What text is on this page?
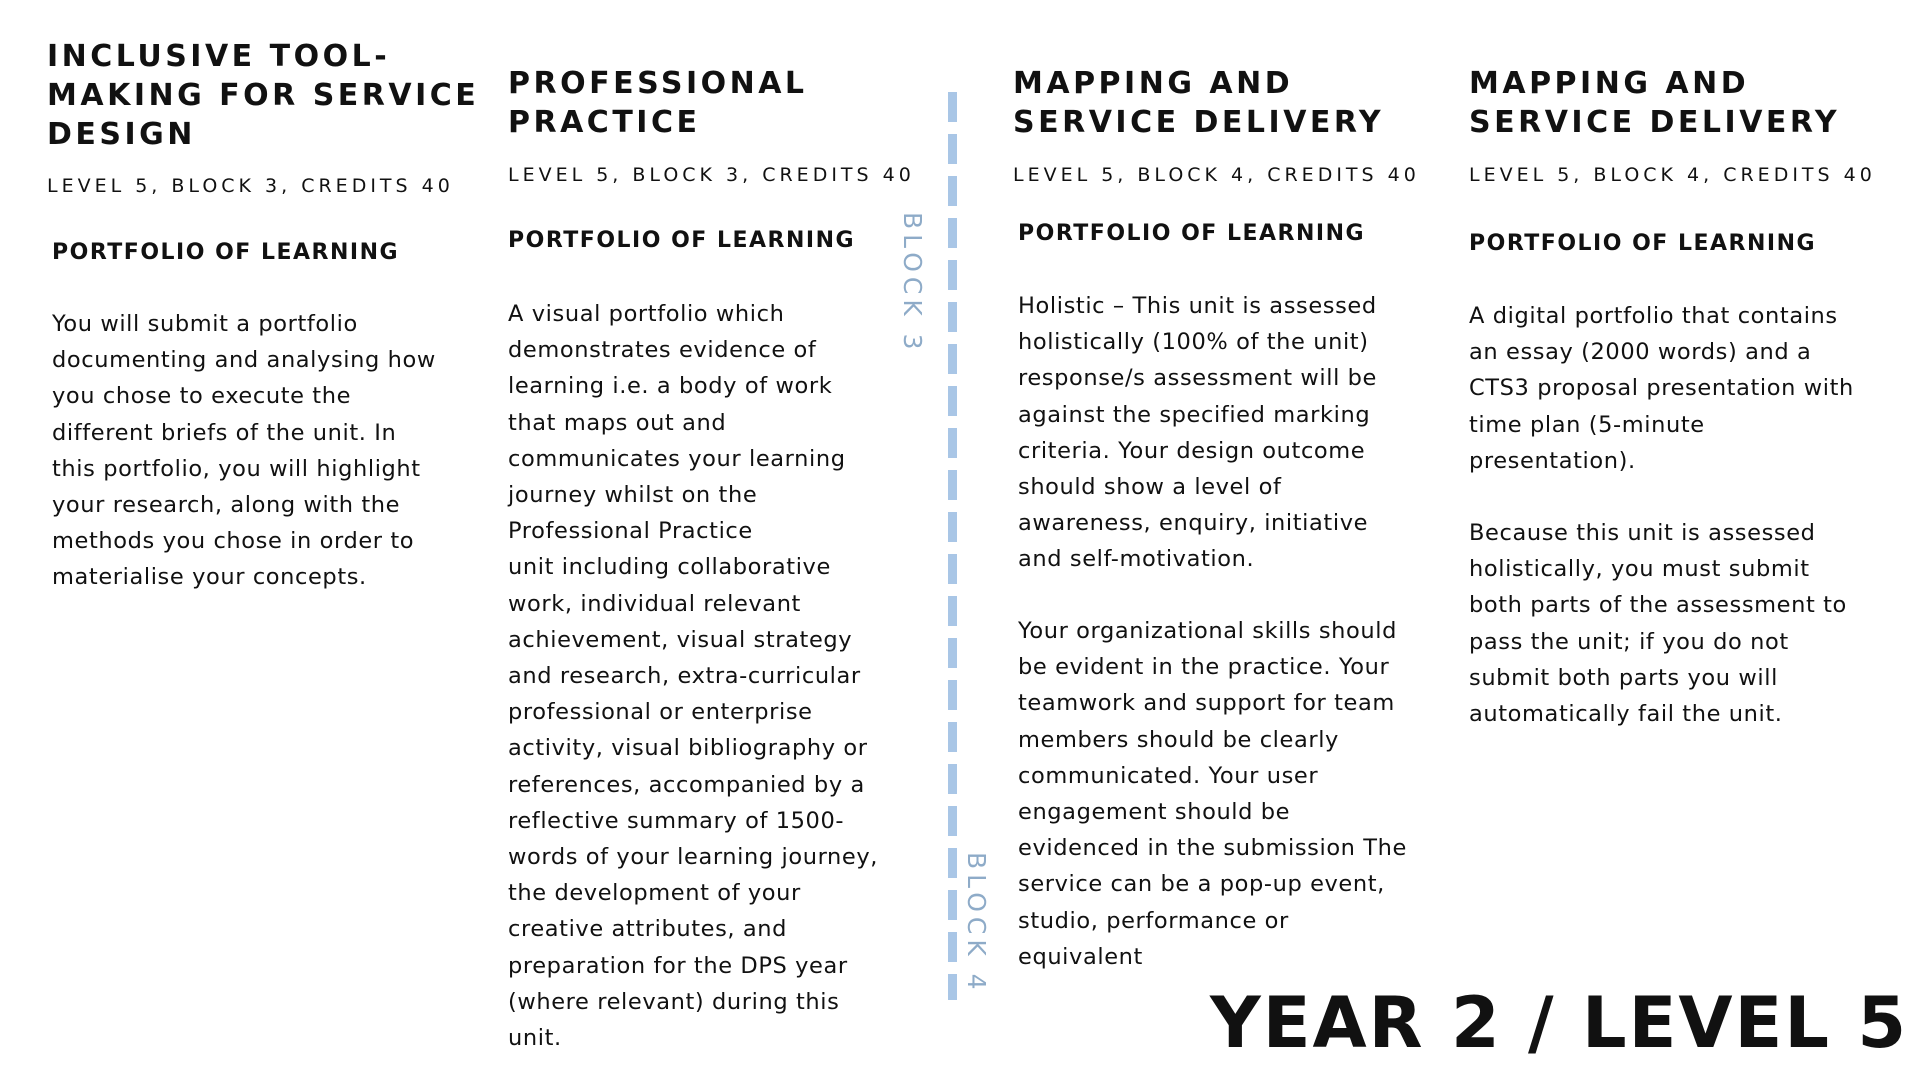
INCLUSIVE TOOL-
MAKING FOR SERVICE
DESIGN

LEVEL 5, BLOCK 3, CREDITS 40

PORTFOLIO OF LEARNING

You will submit a portfolio
documenting and analysing how
you chose to execute the
different briefs of the unit. In
this portfolio, you will highlight
your research, along with the
methods you chose in order to
materialise your concepts.

PROFESSIONAL
PRACTICE

LEVEL 5, BLOCK 3, CREDITS 40

PORTFOLIO OF LEARNING

A visual portfolio which
demonstrates evidence of
learning i.e. a body of work
that maps out and
communicates your learning
journey whilst on the
Professional Practice
unit including collaborative
work, individual relevant
achievement, visual strategy
and research, extra-curricular
professional or enterprise
activity, visual bibliography or
references, accompanied by a
reflective summary of 1500-
words of your learning journey,
the development of your
creative attributes, and
preparation for the DPS year
(where relevant) during this
unit.

BLOCK 3
BLOCK 4
MAPPING AND
SERVICE DELIVERY

LEVEL 5, BLOCK 4, CREDITS 40

PORTFOLIO OF LEARNING

Holistic – This unit is assessed
holistically (100% of the unit)
response/s assessment will be
against the specified marking
criteria. Your design outcome
should show a level of
awareness, enquiry, initiative
and self-motivation.

Your organizational skills should
be evident in the practice. Your
teamwork and support for team
members should be clearly
communicated. Your user
engagement should be
evidenced in the submission The
service can be a pop-up event,
studio, performance or
equivalent

MAPPING AND
SERVICE DELIVERY

LEVEL 5, BLOCK 4, CREDITS 40

PORTFOLIO OF LEARNING

A digital portfolio that contains
an essay (2000 words) and a
CTS3 proposal presentation with
time plan (5-minute
presentation).

Because this unit is assessed
holistically, you must submit
both parts of the assessment to
pass the unit; if you do not
submit both parts you will
automatically fail the unit.

YEAR 2 / LEVEL 5
